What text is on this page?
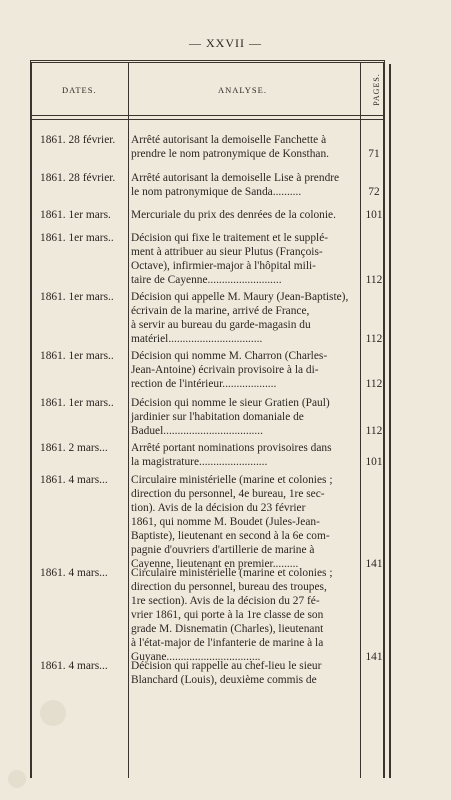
— XXVII —
DATES.	ANALYSE.	PAGES.
1861. 28 février.	Arrêté autorisant la demoiselle Fanchette à
prendre le nom patronymique de Konsthan.	71
1861. 28 février.	Arrêté autorisant la demoiselle Lise à prendre
le nom patronymique de Sanda..........	72
1861. 1er mars.	Mercuriale du prix des denrées de la colonie.	101
1861. 1er mars..	Décision qui fixe le traitement et le supplé-
ment à attribuer au sieur Plutus (François-
Octave), infirmier-major à l'hôpital mili-
taire de Cayenne..........................	112
1861. 1er mars..	Décision qui appelle M. Maury (Jean-Baptiste),
écrivain de la marine, arrivé de France,
à servir au bureau du garde-magasin du
matériel.................................	112
1861. 1er mars..	Décision qui nomme M. Charron (Charles-
Jean-Antoine) écrivain provisoire à la di-
rection de l'intérieur...................	112
1861. 1er mars..	Décision qui nomme le sieur Gratien (Paul)
jardinier sur l'habitation domaniale de
Baduel...................................	112
1861. 2 mars...	Arrêté portant nominations provisoires dans
la magistrature........................	101
1861. 4 mars...	Circulaire ministérielle (marine et colonies ;
direction du personnel, 4e bureau, 1re sec-
tion). Avis de la décision du 23 février
1861, qui nomme M. Boudet (Jules-Jean-
Baptiste), lieutenant en second à la 6e com-
pagnie d'ouvriers d'artillerie de marine à
Cayenne, lieutenant en premier.........	141
1861. 4 mars...	Circulaire ministérielle (marine et colonies ;
direction du personnel, bureau des troupes,
1re section). Avis de la décision du 27 fé-
vrier 1861, qui porte à la 1re classe de son
grade M. Disnematin (Charles), lieutenant
à l'état-major de l'infanterie de marine à la
Guyane.................................	141
1861. 4 mars...	Décision qui rappelle au chef-lieu le sieur
Blanchard (Louis), deuxième commis de
